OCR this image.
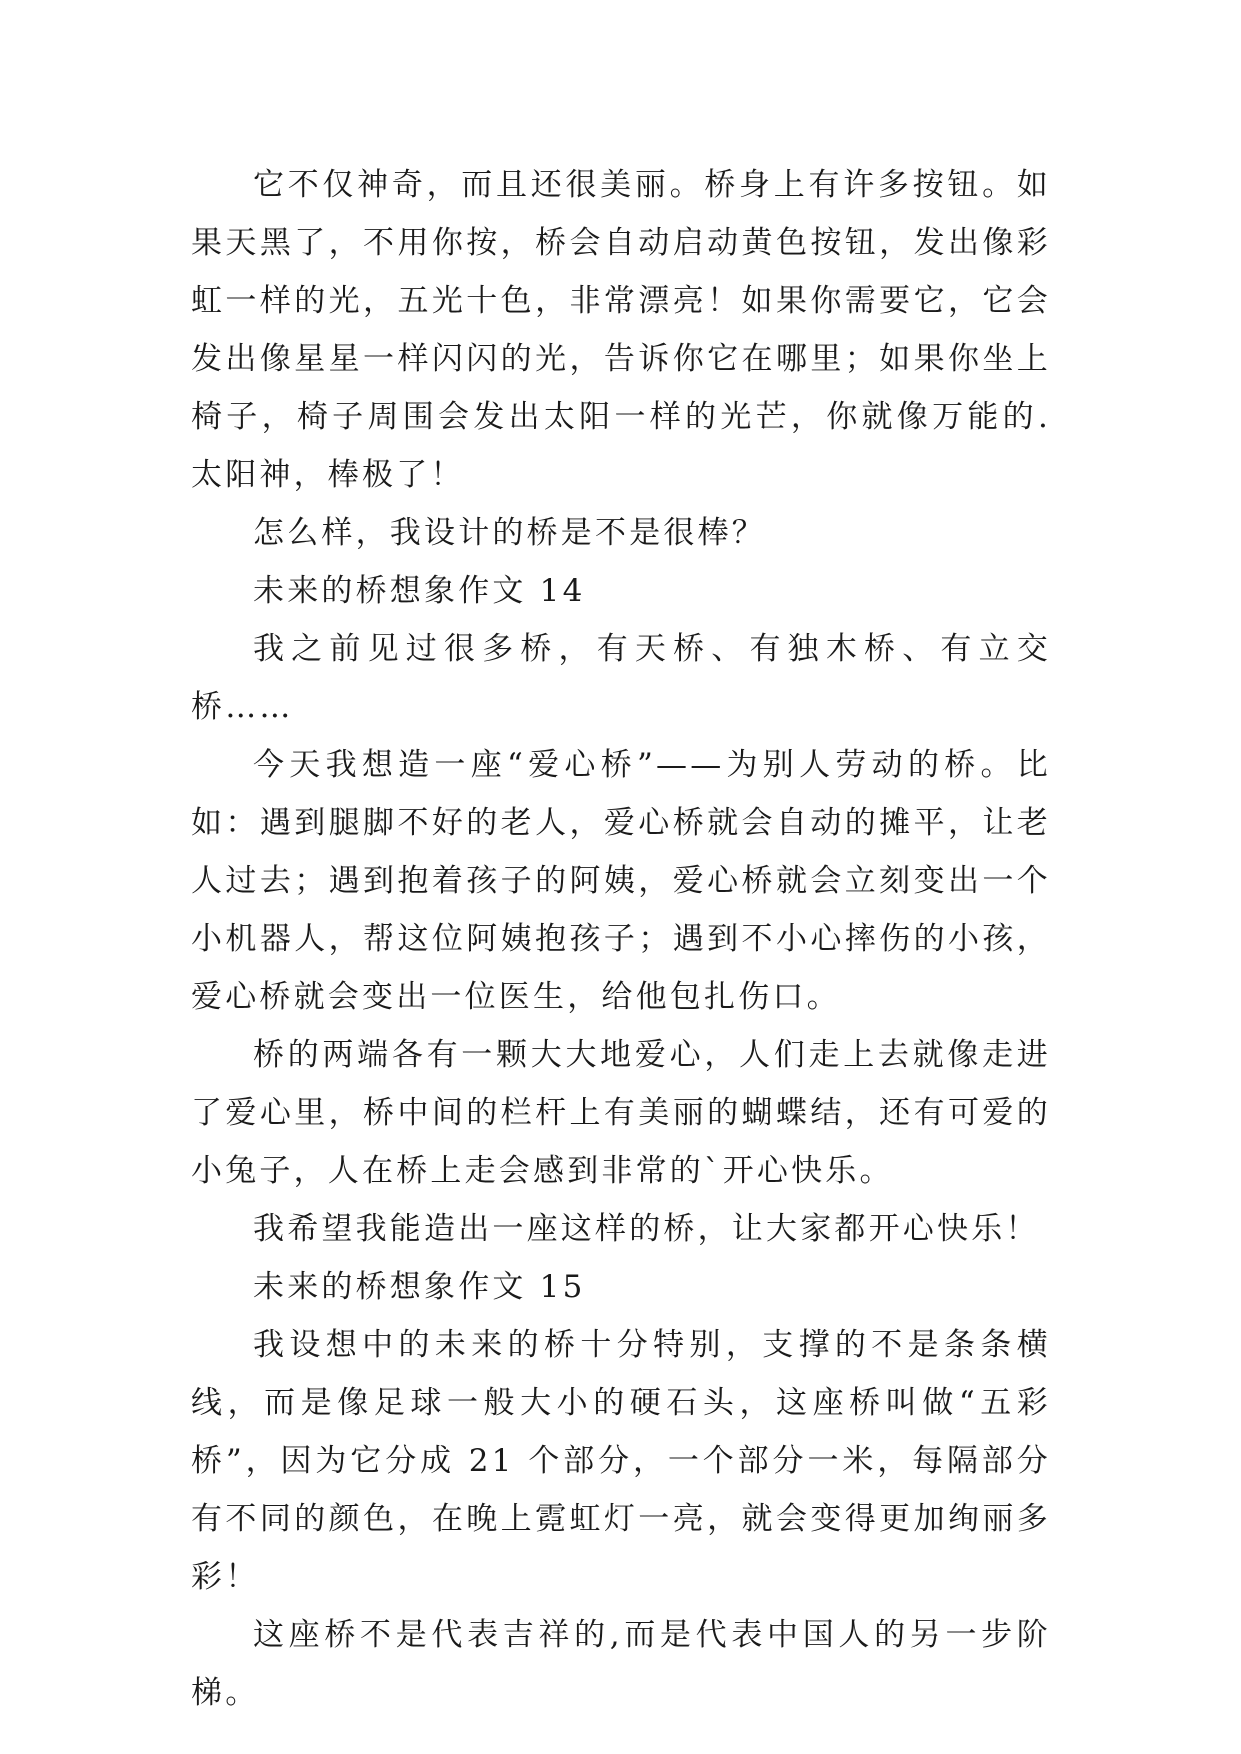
它不仅神奇，而且还很美丽。桥身上有许多按钮。如果天黑了，不用你按，桥会自动启动黄色按钮，发出像彩虹一样的光，五光十色，非常漂亮！如果你需要它，它会发出像星星一样闪闪的光，告诉你它在哪里；如果你坐上椅子，椅子周围会发出太阳一样的光芒，你就像万能的.太阳神，棒极了！

怎么样，我设计的桥是不是很棒？

未来的桥想象作文 14

我之前见过很多桥，有天桥、有独木桥、有立交桥……

今天我想造一座“爱心桥”——为别人劳动的桥。比如：遇到腿脚不好的老人，爱心桥就会自动的摊平，让老人过去；遇到抱着孩子的阿姨，爱心桥就会立刻变出一个小机器人，帮这位阿姨抱孩子；遇到不小心摔伤的小孩，爱心桥就会变出一位医生，给他包扎伤口。

桥的两端各有一颗大大地爱心，人们走上去就像走进了爱心里，桥中间的栏杆上有美丽的蝴蝶结，还有可爱的小兔子，人在桥上走会感到非常的`开心快乐。

我希望我能造出一座这样的桥，让大家都开心快乐！

未来的桥想象作文 15

我设想中的未来的桥十分特别，支撑的不是条条横线，而是像足球一般大小的硬石头，这座桥叫做“五彩桥”，因为它分成 21 个部分，一个部分一米，每隔部分有不同的颜色，在晚上霓虹灯一亮，就会变得更加绚丽多彩！

这座桥不是代表吉祥的,而是代表中国人的另一步阶梯。
